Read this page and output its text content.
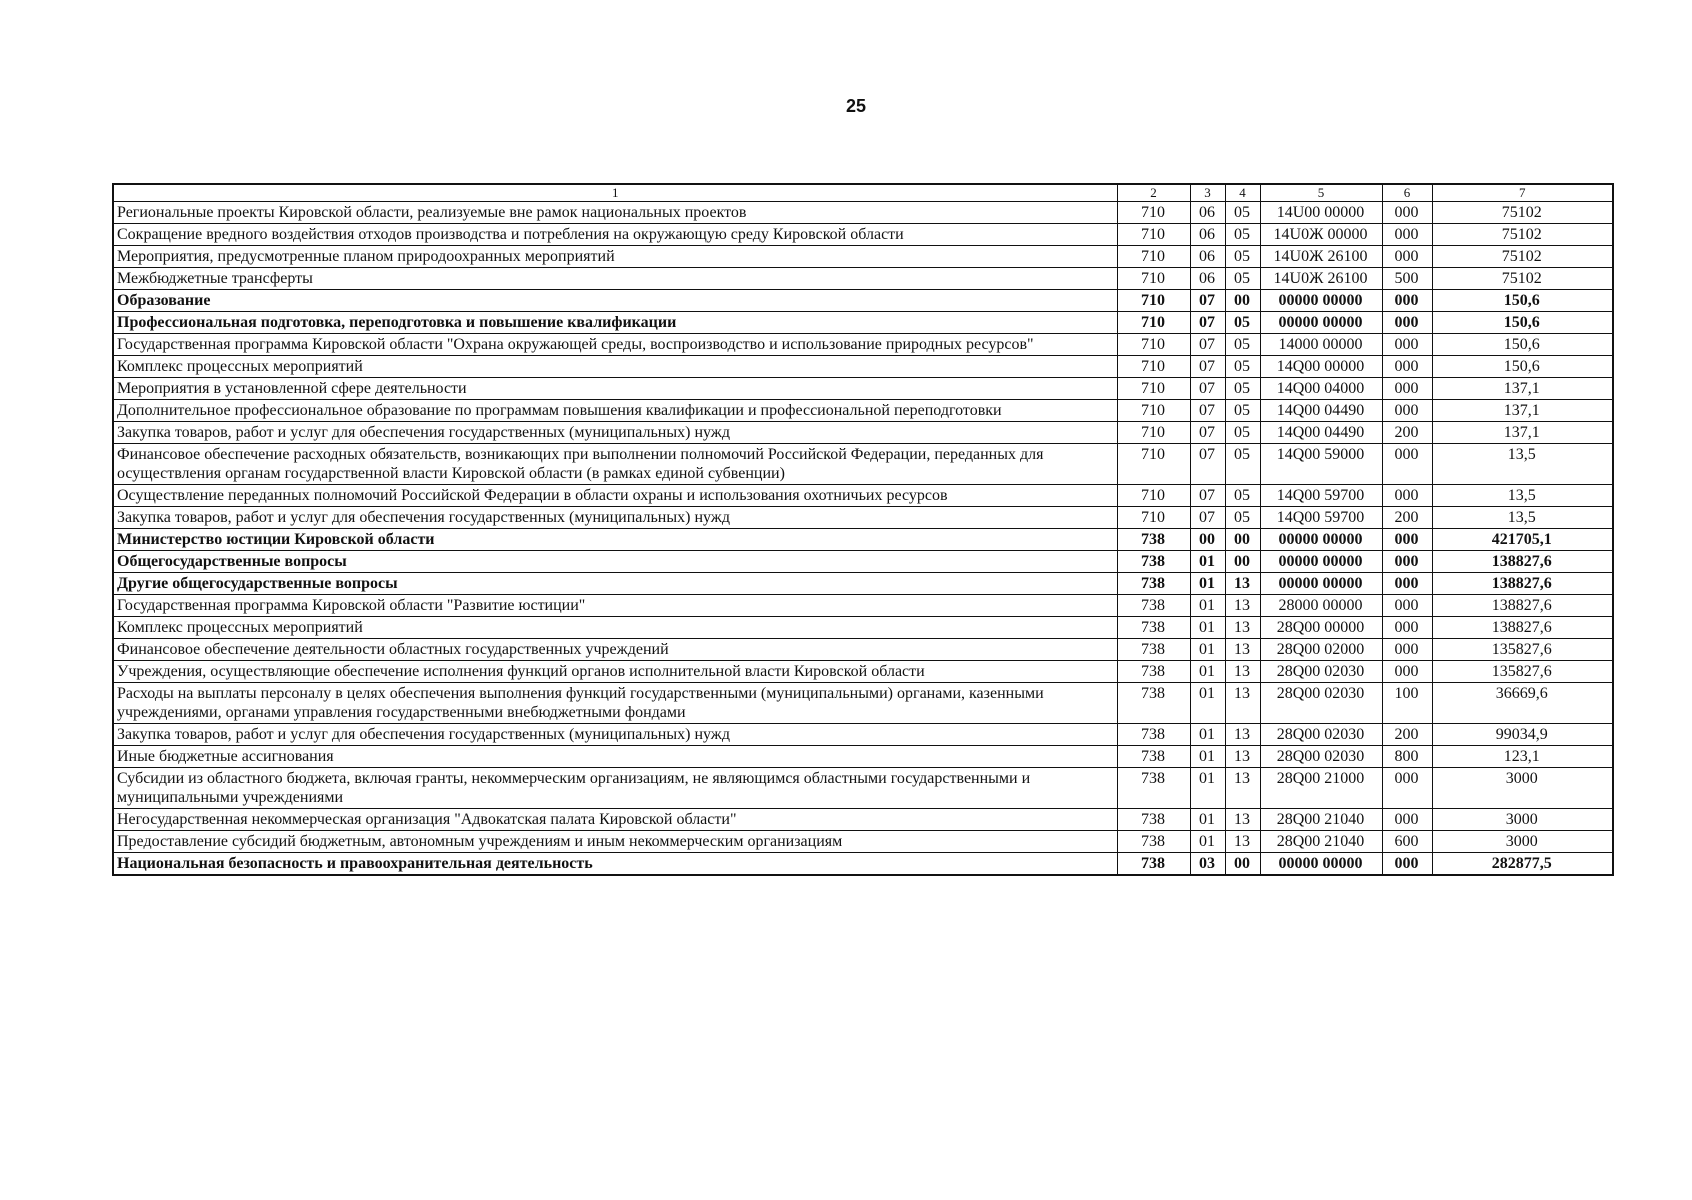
25
1	2	3	4	5	6	7
Региональные проекты Кировской области, реализуемые вне рамок национальных проектов	710	06	05	14U00 00000	000	75102
Сокращение вредного воздействия отходов производства и потребления на окружающую среду Кировской области	710	06	05	14U0Ж 00000	000	75102
Мероприятия, предусмотренные планом природоохранных мероприятий	710	06	05	14U0Ж 26100	000	75102
Межбюджетные трансферты	710	06	05	14U0Ж 26100	500	75102
Образование	710	07	00	00000 00000	000	150,6
Профессиональная подготовка, переподготовка и повышение квалификации	710	07	05	00000 00000	000	150,6
Государственная программа Кировской области "Охрана окружающей среды, воспроизводство и использование природных ресурсов"	710	07	05	14000 00000	000	150,6
Комплекс процессных мероприятий	710	07	05	14Q00 00000	000	150,6
Мероприятия в установленной сфере деятельности	710	07	05	14Q00 04000	000	137,1
Дополнительное профессиональное образование по программам повышения квалификации и профессиональной переподготовки	710	07	05	14Q00 04490	000	137,1
Закупка товаров, работ и услуг для обеспечения государственных (муниципальных) нужд	710	07	05	14Q00 04490	200	137,1
Финансовое обеспечение расходных обязательств, возникающих при выполнении полномочий Российской Федерации, переданных для осуществления органам государственной власти Кировской области (в рамках единой субвенции)	710	07	05	14Q00 59000	000	13,5
Осуществление переданных полномочий Российской Федерации в области охраны и использования охотничьих ресурсов	710	07	05	14Q00 59700	000	13,5
Закупка товаров, работ и услуг для обеспечения государственных (муниципальных) нужд	710	07	05	14Q00 59700	200	13,5
Министерство юстиции Кировской области	738	00	00	00000 00000	000	421705,1
Общегосударственные вопросы	738	01	00	00000 00000	000	138827,6
Другие общегосударственные вопросы	738	01	13	00000 00000	000	138827,6
Государственная программа Кировской области "Развитие юстиции"	738	01	13	28000 00000	000	138827,6
Комплекс процессных мероприятий	738	01	13	28Q00 00000	000	138827,6
Финансовое обеспечение деятельности областных государственных учреждений	738	01	13	28Q00 02000	000	135827,6
Учреждения, осуществляющие обеспечение исполнения функций органов исполнительной власти Кировской области	738	01	13	28Q00 02030	000	135827,6
Расходы на выплаты персоналу в целях обеспечения выполнения функций государственными (муниципальными) органами, казенными учреждениями, органами управления государственными внебюджетными фондами	738	01	13	28Q00 02030	100	36669,6
Закупка товаров, работ и услуг для обеспечения государственных (муниципальных) нужд	738	01	13	28Q00 02030	200	99034,9
Иные бюджетные ассигнования	738	01	13	28Q00 02030	800	123,1
Субсидии из областного бюджета, включая гранты, некоммерческим организациям, не являющимся областными государственными и муниципальными учреждениями	738	01	13	28Q00 21000	000	3000
Негосударственная некоммерческая организация "Адвокатская палата Кировской области"	738	01	13	28Q00 21040	000	3000
Предоставление субсидий бюджетным, автономным учреждениям и иным некоммерческим организациям	738	01	13	28Q00 21040	600	3000
Национальная безопасность и правоохранительная деятельность	738	03	00	00000 00000	000	282877,5
